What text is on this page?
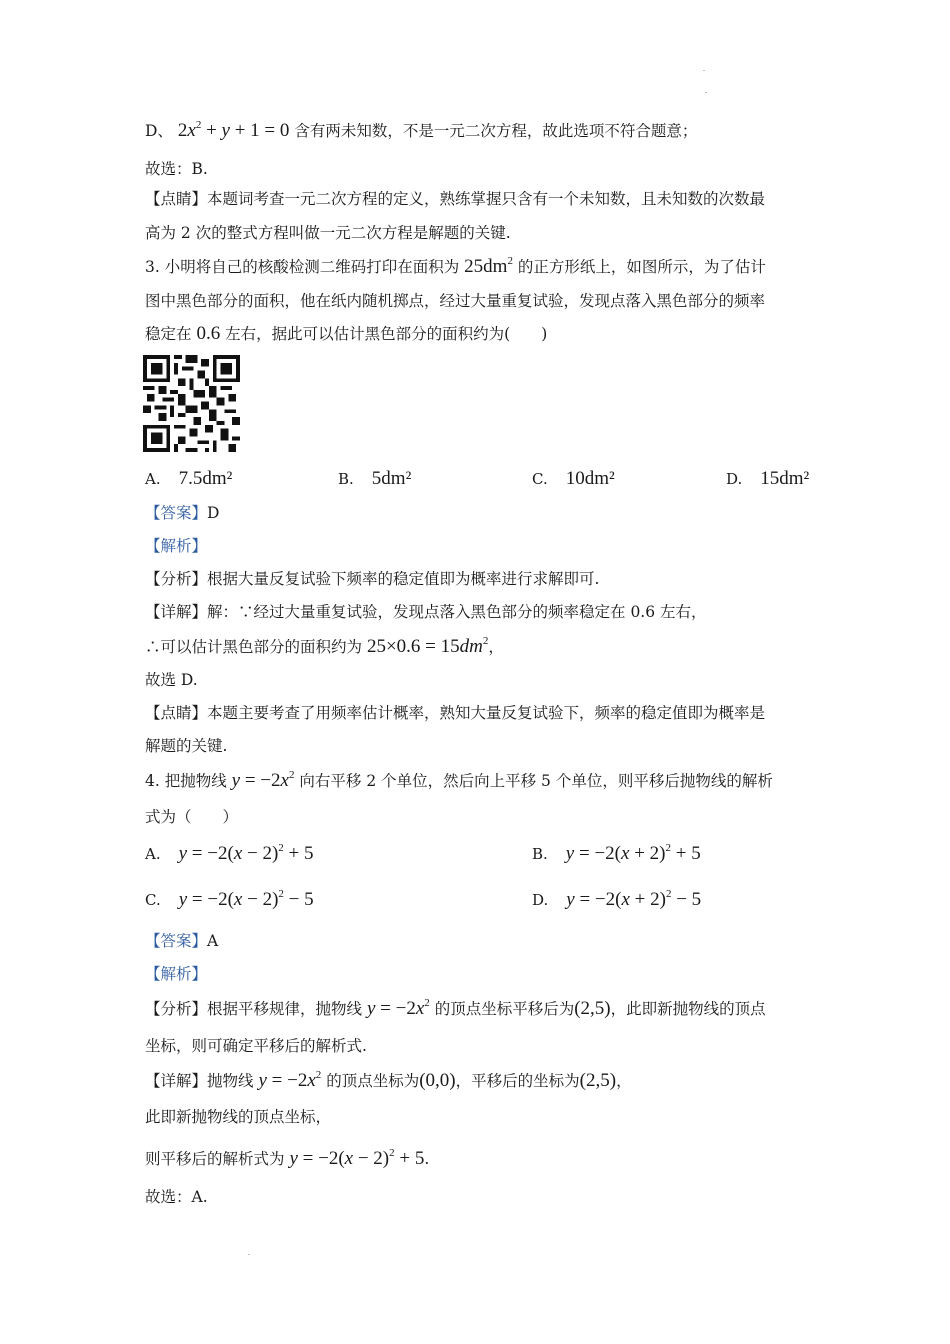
D、 $2x^2 + y + 1 = 0$ 含有两未知数，不是一元二次方程，故此选项不符合题意；
故选：B.
【点睛】本题词考查一元二次方程的定义，熟练掌握只含有一个未知数，且未知数的次数最
高为 2 次的整式方程叫做一元二次方程是解题的关键.
3. 小明将自己的核酸检测二维码打印在面积为 $25dm^2$ 的正方形纸上，如图所示，为了估计
图中黑色部分的面积，他在纸内随机掷点，经过大量重复试验，发现点落入黑色部分的频率
稳定在 0.6 左右，据此可以估计黑色部分的面积约为(　　)
A. 7.5dm²	B. 5dm²	C. 10dm²	D. 15dm²
【答案】D
【解析】
【分析】根据大量反复试验下频率的稳定值即为概率进行求解即可.
【详解】解：∵经过大量重复试验，发现点落入黑色部分的频率稳定在 0.6 左右，
∴可以估计黑色部分的面积约为 $25\times 0.6 = 15dm^2$，
故选 D.
【点睛】本题主要考查了用频率估计概率，熟知大量反复试验下，频率的稳定值即为概率是
解题的关键.
4. 把抛物线 $y = -2x^2$ 向右平移 2 个单位，然后向上平移 5 个单位，则平移后抛物线的解析
式为（　　）
A. $y = -2(x - 2)^2 + 5$	B. $y = -2(x + 2)^2 + 5$
C. $y = -2(x - 2)^2 - 5$	D. $y = -2(x + 2)^2 - 5$
【答案】A
【解析】
【分析】根据平移规律，抛物线 $y = -2x^2$ 的顶点坐标平移后为(2,5)，此即新抛物线的顶点
坐标，则可确定平移后的解析式.
【详解】抛物线 $y = -2x^2$ 的顶点坐标为(0,0)，平移后的坐标为(2,5)，
此即新抛物线的顶点坐标，
则平移后的解析式为 $y = -2(x - 2)^2 + 5$.
故选：A.
